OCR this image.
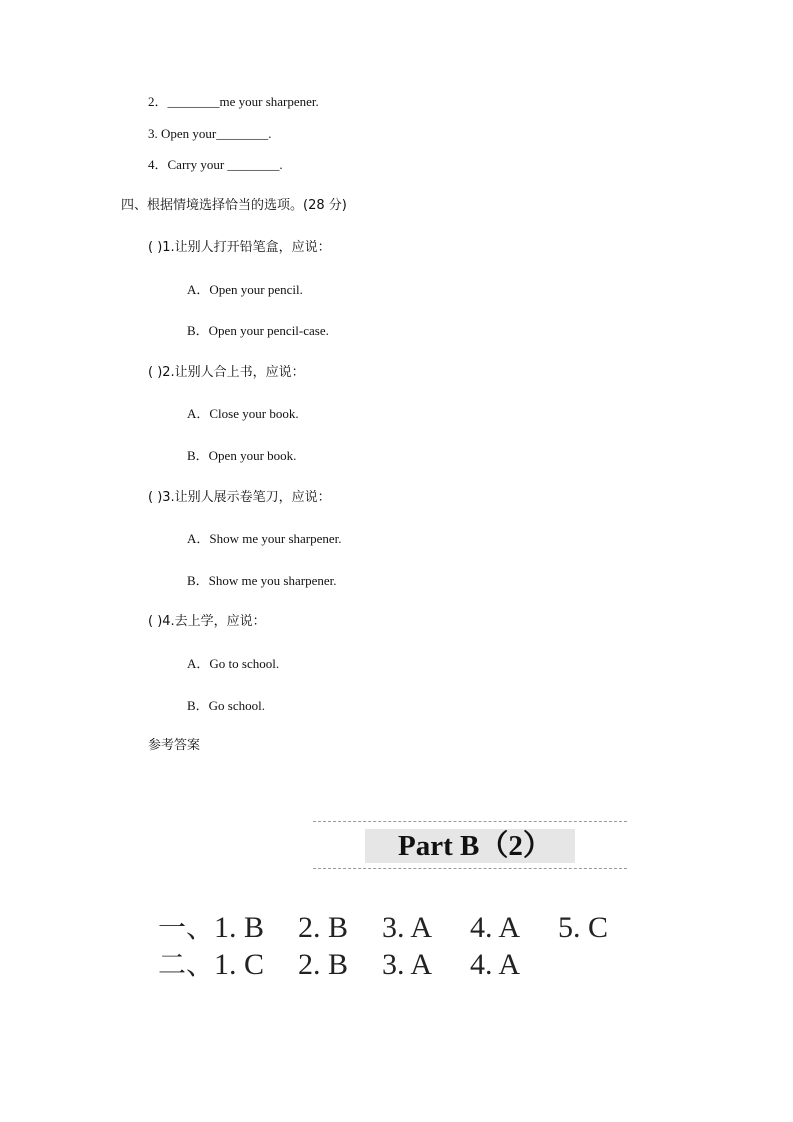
2．________me your sharpener.
3. Open your________.
4．Carry your ________.
四、根据情境选择恰当的选项。(28 分)
( )1.让别人打开铅笔盒，应说：
A．Open your pencil.
B．Open your pencil-case.
( )2.让别人合上书，应说：
A．Close your book.
B．Open your book.
( )3.让别人展示卷笔刀，应说：
A．Show me your sharpener.
B．Show me you sharpener.
( )4.去上学，应说：
A．Go to school.
B．Go school.
参考答案
Part B（2）
一、1. B 2. B 3. A 4. A 5. C
二、1. C 2. B 3. A 4. A
